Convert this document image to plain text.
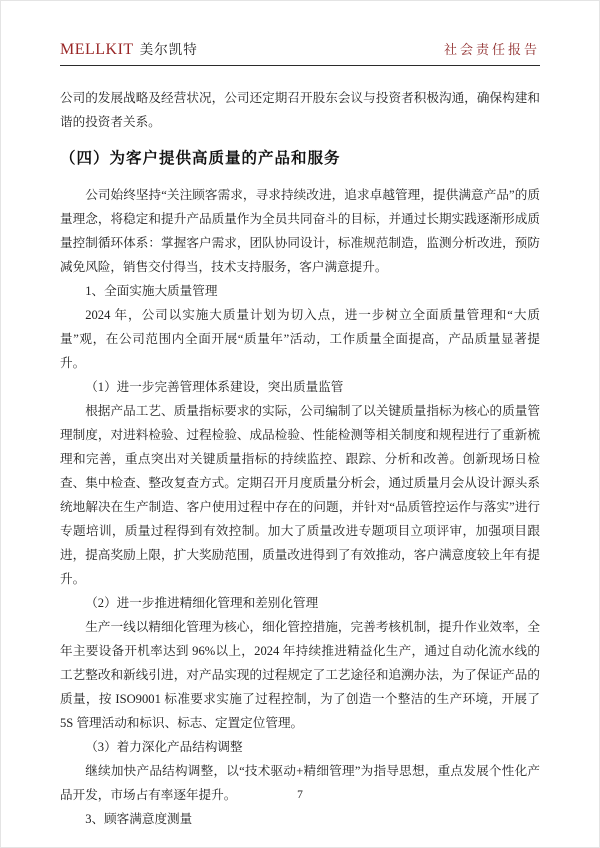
MELLKIT 美尔凯特	社会责任报告
公司的发展战略及经营状况，公司还定期召开股东会议与投资者积极沟通，确保构建和谐的投资者关系。
（四）为客户提供高质量的产品和服务
公司始终坚持“关注顾客需求，寻求持续改进，追求卓越管理，提供满意产品”的质量理念，将稳定和提升产品质量作为全员共同奋斗的目标，并通过长期实践逐渐形成质量控制循环体系：掌握客户需求，团队协同设计，标准规范制造，监测分析改进，预防减免风险，销售交付得当，技术支持服务，客户满意提升。
1、全面实施大质量管理
2024 年，公司以实施大质量计划为切入点，进一步树立全面质量管理和“大质量”观，在公司范围内全面开展“质量年”活动，工作质量全面提高，产品质量显著提升。
（1）进一步完善管理体系建设，突出质量监管
根据产品工艺、质量指标要求的实际，公司编制了以关键质量指标为核心的质量管理制度，对进料检验、过程检验、成品检验、性能检测等相关制度和规程进行了重新梳理和完善，重点突出对关键质量指标的持续监控、跟踪、分析和改善。创新现场日检查、集中检查、整改复查方式。定期召开月度质量分析会，通过质量月会从设计源头系统地解决在生产制造、客户使用过程中存在的问题，并针对“品质管控运作与落实”进行专题培训，质量过程得到有效控制。加大了质量改进专题项目立项评审，加强项目跟进，提高奖励上限，扩大奖励范围，质量改进得到了有效推动，客户满意度较上年有提升。
（2）进一步推进精细化管理和差别化管理
生产一线以精细化管理为核心，细化管控措施，完善考核机制，提升作业效率，全年主要设备开机率达到 96%以上，2024 年持续推进精益化生产，通过自动化流水线的工艺整改和新线引进，对产品实现的过程规定了工艺途径和追溯办法，为了保证产品的质量，按 ISO9001 标准要求实施了过程控制，为了创造一个整洁的生产环境，开展了 5S 管理活动和标识、标志、定置定位管理。
（3）着力深化产品结构调整
继续加快产品结构调整，以“技术驱动+精细管理”为指导思想，重点发展个性化产品开发，市场占有率逐年提升。
3、顾客满意度测量
7
